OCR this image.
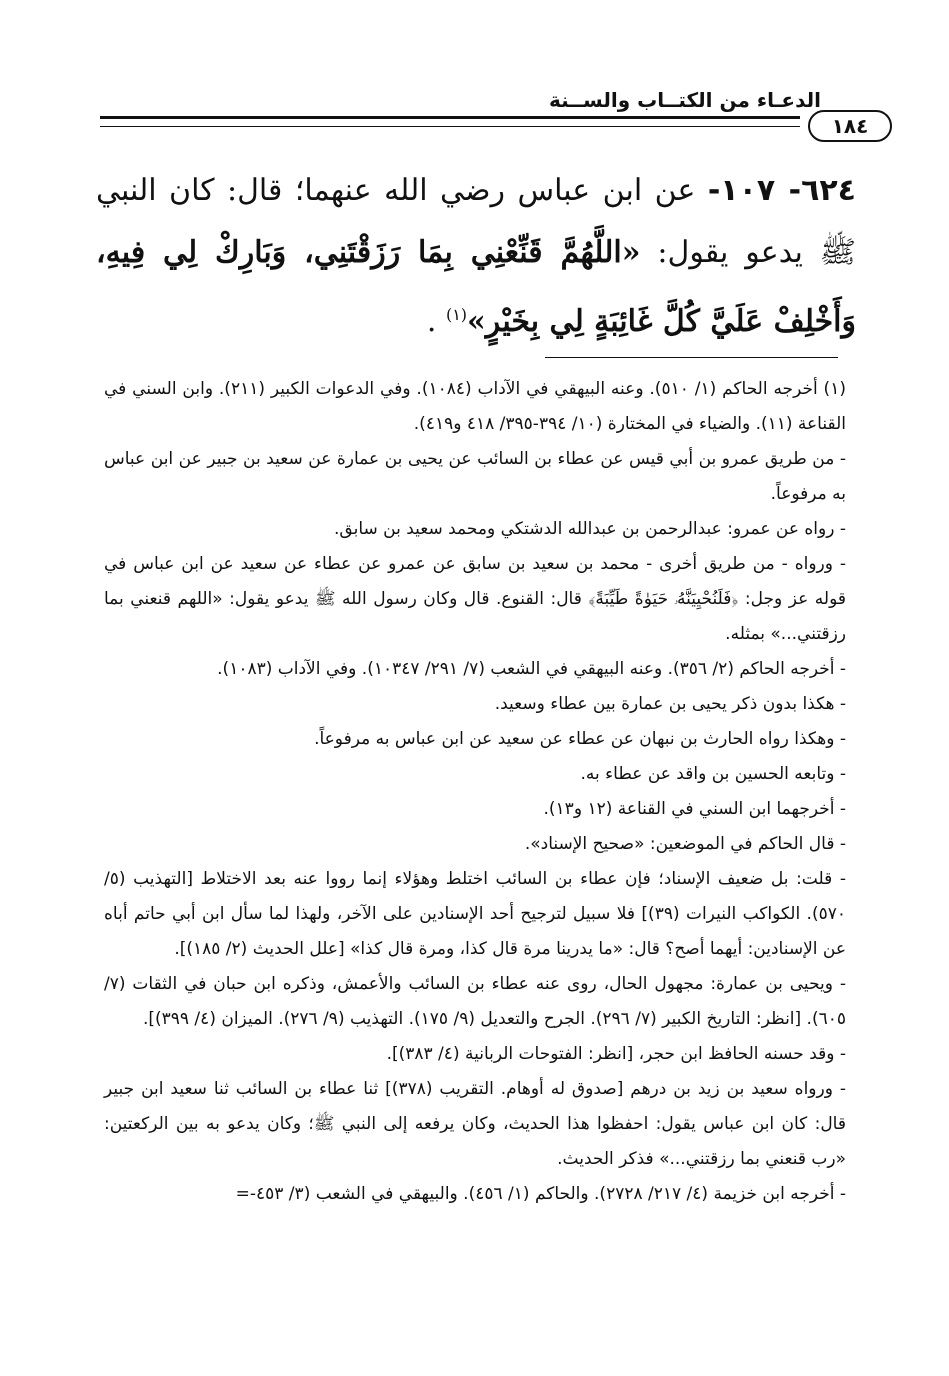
الدعـاء من الكتــاب والســنة
١٨٤
٦٢٤- ١٠٧- عن ابن عباس رضي الله عنهما؛ قال: كان النبي ﷺ يدعو يقول: «اللَّهُمَّ قَنِّعْنِي بِمَا رَزَقْتَنِي، وَبَارِكْ لِي فِيهِ، وَأَخْلِفْ عَلَيَّ كُلَّ غَائِبَةٍ لِي بِخَيْرٍ»$^{(١)}$ .

(١) أخرجه الحاكم (١/ ٥١٠). وعنه البيهقي في الآداب (١٠٨٤). وفي الدعوات الكبير (٢١١). وابن السني في القناعة (١١). والضياء في المختارة (١٠/ ٣٩٤-٣٩٥/ ٤١٨ و٤١٩).

- من طريق عمرو بن أبي قيس عن عطاء بن السائب عن يحيى بن عمارة عن سعيد بن جبير عن ابن عباس به مرفوعاً.

- رواه عن عمرو: عبدالرحمن بن عبدالله الدشتكي ومحمد سعيد بن سابق.

- ورواه - من طريق أخرى - محمد بن سعيد بن سابق عن عمرو عن عطاء عن سعيد عن ابن عباس في قوله عز وجل: ﴿فَلَنُحْيِيَنَّهُۥ حَيَوٰةً طَيِّبَةً﴾ قال: القنوع. قال وكان رسول الله ﷺ يدعو يقول: «اللهم قنعني بما رزقتني...» بمثله.

- أخرجه الحاكم (٢/ ٣٥٦). وعنه البيهقي في الشعب (٧/ ٢٩١/ ١٠٣٤٧). وفي الآداب (١٠٨٣).

- هكذا بدون ذكر يحيى بن عمارة بين عطاء وسعيد.

- وهكذا رواه الحارث بن نبهان عن عطاء عن سعيد عن ابن عباس به مرفوعاً.

- وتابعه الحسين بن واقد عن عطاء به.

- أخرجهما ابن السني في القناعة (١٢ و١٣).

- قال الحاكم في الموضعين: «صحيح الإسناد».

- قلت: بل ضعيف الإسناد؛ فإن عطاء بن السائب اختلط وهؤلاء إنما رووا عنه بعد الاختلاط [التهذيب (٥/ ٥٧٠). الكواكب النيرات (٣٩)] فلا سبيل لترجيح أحد الإسنادين على الآخر، ولهذا لما سأل ابن أبي حاتم أباه عن الإسنادين: أيهما أصح؟ قال: «ما يدرينا مرة قال كذا، ومرة قال كذا» [علل الحديث (٢/ ١٨٥)].

- ويحيى بن عمارة: مجهول الحال، روى عنه عطاء بن السائب والأعمش، وذكره ابن حبان في الثقات (٧/ ٦٠٥). [انظر: التاريخ الكبير (٧/ ٢٩٦). الجرح والتعديل (٩/ ١٧٥). التهذيب (٩/ ٢٧٦). الميزان (٤/ ٣٩٩)].

- وقد حسنه الحافظ ابن حجر، [انظر: الفتوحات الربانية (٤/ ٣٨٣)].

- ورواه سعيد بن زيد بن درهم [صدوق له أوهام. التقريب (٣٧٨)] ثنا عطاء بن السائب ثنا سعيد ابن جبير قال: كان ابن عباس يقول: احفظوا هذا الحديث، وكان يرفعه إلى النبي ﷺ؛ وكان يدعو به بين الركعتين: «رب قنعني بما رزقتني...» فذكر الحديث.

- أخرجه ابن خزيمة (٤/ ٢١٧/ ٢٧٢٨). والحاكم (١/ ٤٥٦). والبيهقي في الشعب (٣/ ٤٥٣-=
